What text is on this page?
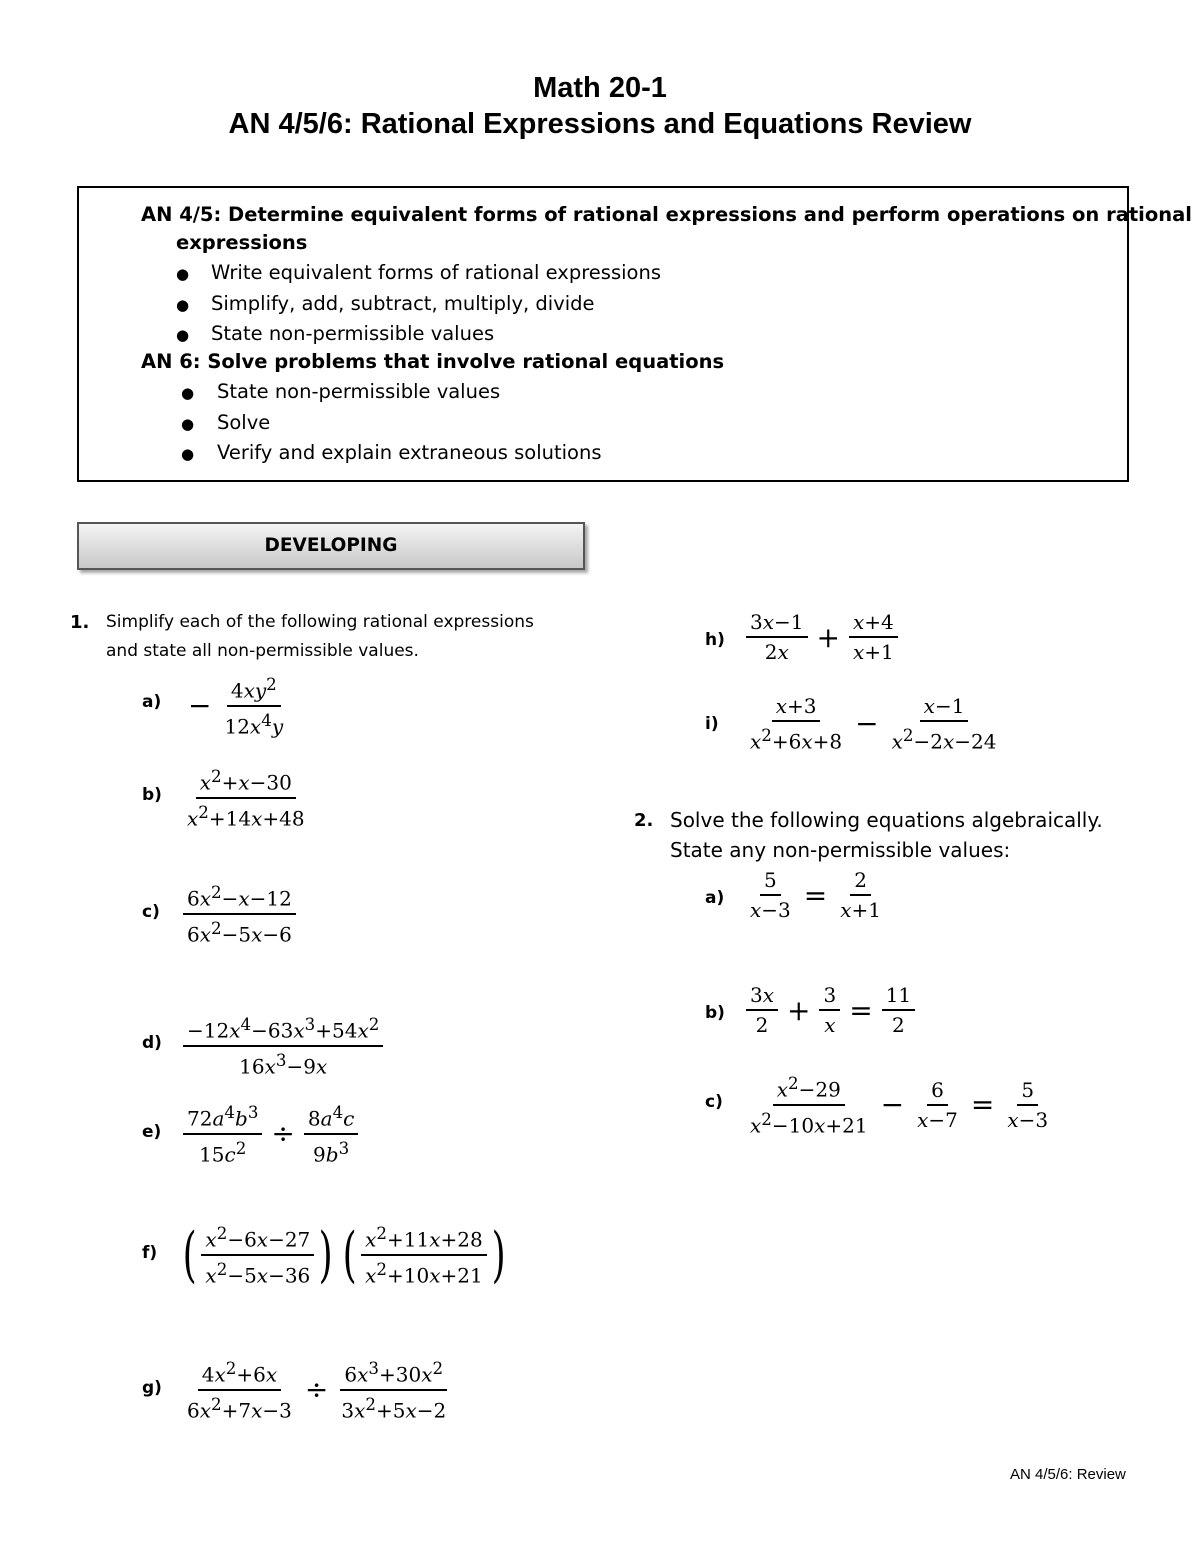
Math 20-1
AN 4/5/6: Rational Expressions and Equations Review
AN 4/5: Determine equivalent forms of rational expressions and perform operations on rational
expressions
● Write equivalent forms of rational expressions
● Simplify, add, subtract, multiply, divide
● State non-permissible values
AN 6: Solve problems that involve rational equations
● State non-permissible values
● Solve
● Verify and explain extraneous solutions
DEVELOPING
1. Simplify each of the following rational expressions
and state all non-permissible values.
$a) - \frac{4xy^2}{12x^4y}$
$b) \frac{x^2+x-30}{x^2+14x+48}$
$c) \frac{6x^2-x-12}{6x^2-5x-6}$
$d) \frac{-12x^4-63x^3+54x^2}{16x^3-9x}$
$e) \frac{72a^4b^3}{15c^2} \div \frac{8a^4c}{9b^3}$
f) ( $\frac{x^2-6x-27}{x^2-5x-36}$ ) ( $\frac{x^2+11x+28}{x^2+10x+21}$ )
$g) \frac{4x^2+6x}{6x^2+7x-3} \div \frac{6x^3+30x^2}{3x^2+5x-2}$
$h) \frac{3x-1}{2x} + \frac{x+4}{x+1}$
$i) \frac{x+3}{x^2+6x+8} - \frac{x-1}{x^2-2x-24}$
2. Solve the following equations algebraically.
State any non-permissible values:
$a) \frac{5}{x-3} = \frac{2}{x+1}$
$b) \frac{3x}{2} + \frac{3}{x} = \frac{11}{2}$
$c) \frac{x^2-29}{x^2-10x+21} - \frac{6}{x-7} = \frac{5}{x-3}$
AN 4/5/6: Review
